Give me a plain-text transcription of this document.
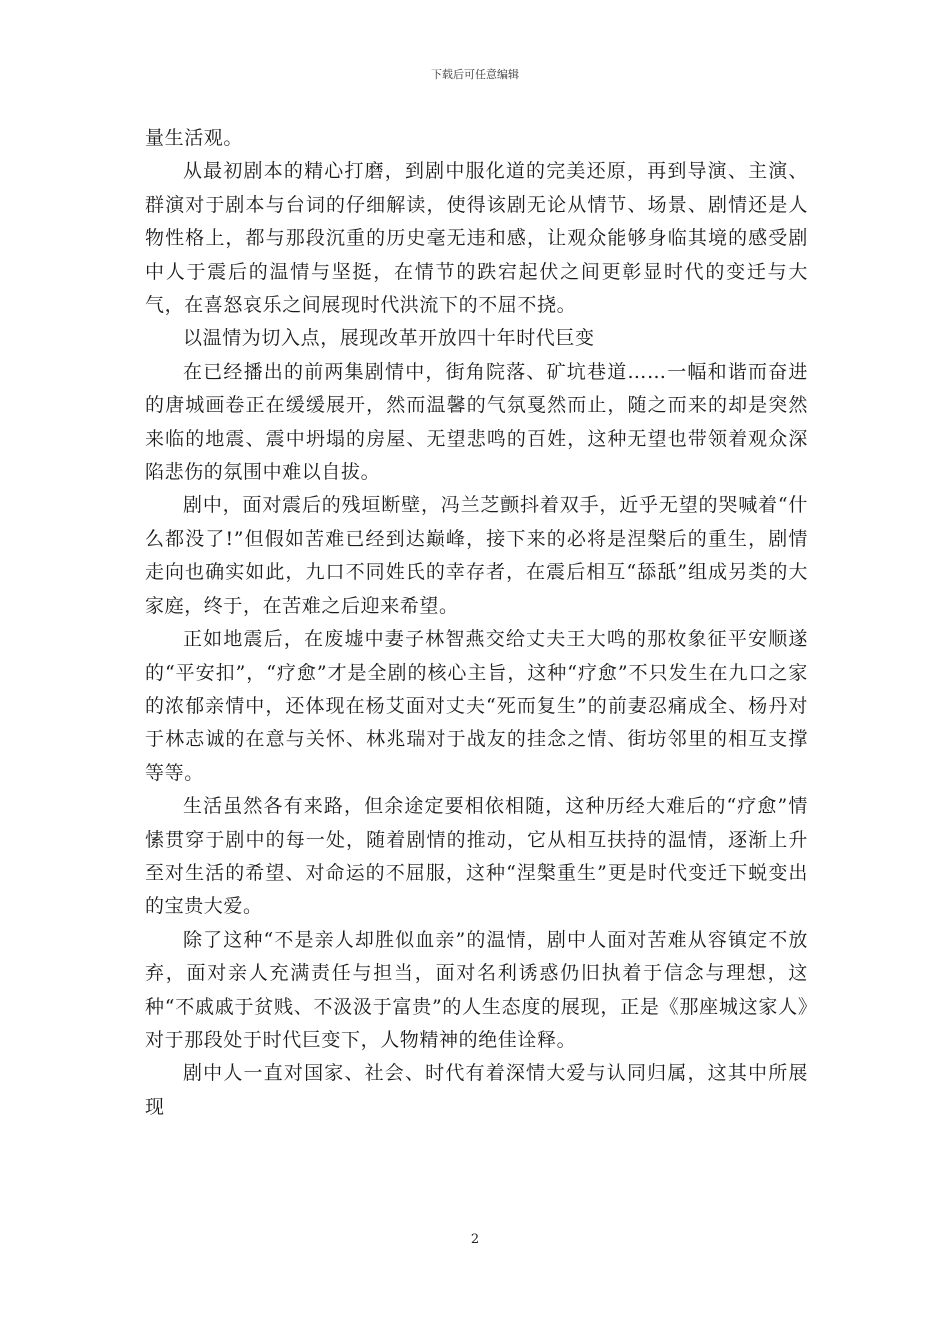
下载后可任意编辑

量生活观。

从最初剧本的精心打磨，到剧中服化道的完美还原，再到导演、主演、群演对于剧本与台词的仔细解读，使得该剧无论从情节、场景、剧情还是人物性格上，都与那段沉重的历史毫无违和感，让观众能够身临其境的感受剧中人于震后的温情与坚挺，在情节的跌宕起伏之间更彰显时代的变迁与大气，在喜怒哀乐之间展现时代洪流下的不屈不挠。

以温情为切入点，展现改革开放四十年时代巨变

在已经播出的前两集剧情中，街角院落、矿坑巷道……一幅和谐而奋进的唐城画卷正在缓缓展开，然而温馨的气氛戛然而止，随之而来的却是突然来临的地震、震中坍塌的房屋、无望悲鸣的百姓，这种无望也带领着观众深陷悲伤的氛围中难以自拔。

剧中，面对震后的残垣断壁，冯兰芝颤抖着双手，近乎无望的哭喊着“什么都没了!”但假如苦难已经到达巅峰，接下来的必将是涅槃后的重生，剧情走向也确实如此，九口不同姓氏的幸存者，在震后相互“舔舐”组成另类的大家庭，终于，在苦难之后迎来希望。

正如地震后，在废墟中妻子林智燕交给丈夫王大鸣的那枚象征平安顺遂的“平安扣”，“疗愈”才是全剧的核心主旨，这种“疗愈”不只发生在九口之家的浓郁亲情中，还体现在杨艾面对丈夫“死而复生”的前妻忍痛成全、杨丹对于林志诚的在意与关怀、林兆瑞对于战友的挂念之情、街坊邻里的相互支撑等等。

生活虽然各有来路，但余途定要相依相随，这种历经大难后的“疗愈”情愫贯穿于剧中的每一处，随着剧情的推动，它从相互扶持的温情，逐渐上升至对生活的希望、对命运的不屈服，这种“涅槃重生”更是时代变迁下蜕变出的宝贵大爱。

除了这种“不是亲人却胜似血亲”的温情，剧中人面对苦难从容镇定不放弃，面对亲人充满责任与担当，面对名利诱惑仍旧执着于信念与理想，这种“不戚戚于贫贱、不汲汲于富贵”的人生态度的展现，正是《那座城这家人》对于那段处于时代巨变下，人物精神的绝佳诠释。

剧中人一直对国家、社会、时代有着深情大爱与认同归属，这其中所展现

2
